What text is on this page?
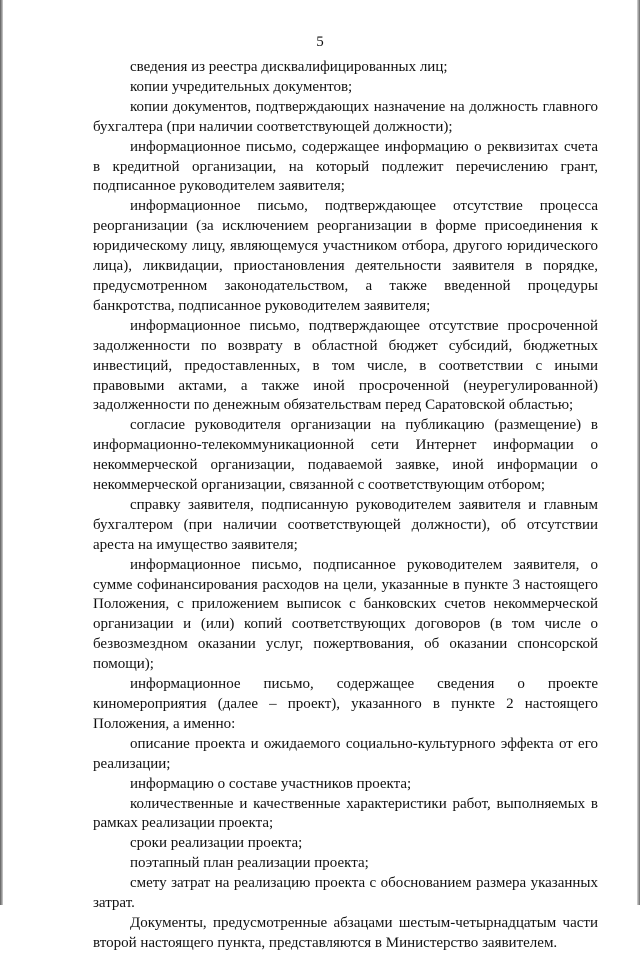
5

сведения из реестра дисквалифицированных лиц;

копии учредительных документов;

копии документов, подтверждающих назначение на должность главного бухгалтера (при наличии соответствующей должности);

информационное письмо, содержащее информацию о реквизитах счета в кредитной организации, на который подлежит перечислению грант, подписанное руководителем заявителя;

информационное письмо, подтверждающее отсутствие процесса реорганизации (за исключением реорганизации в форме присоединения к юридическому лицу, являющемуся участником отбора, другого юридического лица), ликвидации, приостановления деятельности заявителя в порядке, предусмотренном законодательством, а также введенной процедуры банкротства, подписанное руководителем заявителя;

информационное письмо, подтверждающее отсутствие просроченной задолженности по возврату в областной бюджет субсидий, бюджетных инвестиций, предоставленных, в том числе, в соответствии с иными правовыми актами, а также иной просроченной (неурегулированной) задолженности по денежным обязательствам перед Саратовской областью;

согласие руководителя организации на публикацию (размещение) в информационно-телекоммуникационной сети Интернет информации о некоммерческой организации, подаваемой заявке, иной информации о некоммерческой организации, связанной с соответствующим отбором;

справку заявителя, подписанную руководителем заявителя и главным бухгалтером (при наличии соответствующей должности), об отсутствии ареста на имущество заявителя;

информационное письмо, подписанное руководителем заявителя, о сумме софинансирования расходов на цели, указанные в пункте 3 настоящего Положения, с приложением выписок с банковских счетов некоммерческой организации и (или) копий соответствующих договоров (в том числе о безвозмездном оказании услуг, пожертвования, об оказании спонсорской помощи);

информационное письмо, содержащее сведения о проекте киномероприятия (далее – проект), указанного в пункте 2 настоящего Положения, а именно:

описание проекта и ожидаемого социально-культурного эффекта от его реализации;

информацию о составе участников проекта;

количественные и качественные характеристики работ, выполняемых в рамках реализации проекта;

сроки реализации проекта;

поэтапный план реализации проекта;

смету затрат на реализацию проекта с обоснованием размера указанных затрат.

Документы, предусмотренные абзацами шестым-четырнадцатым части второй настоящего пункта, представляются в Министерство заявителем.
